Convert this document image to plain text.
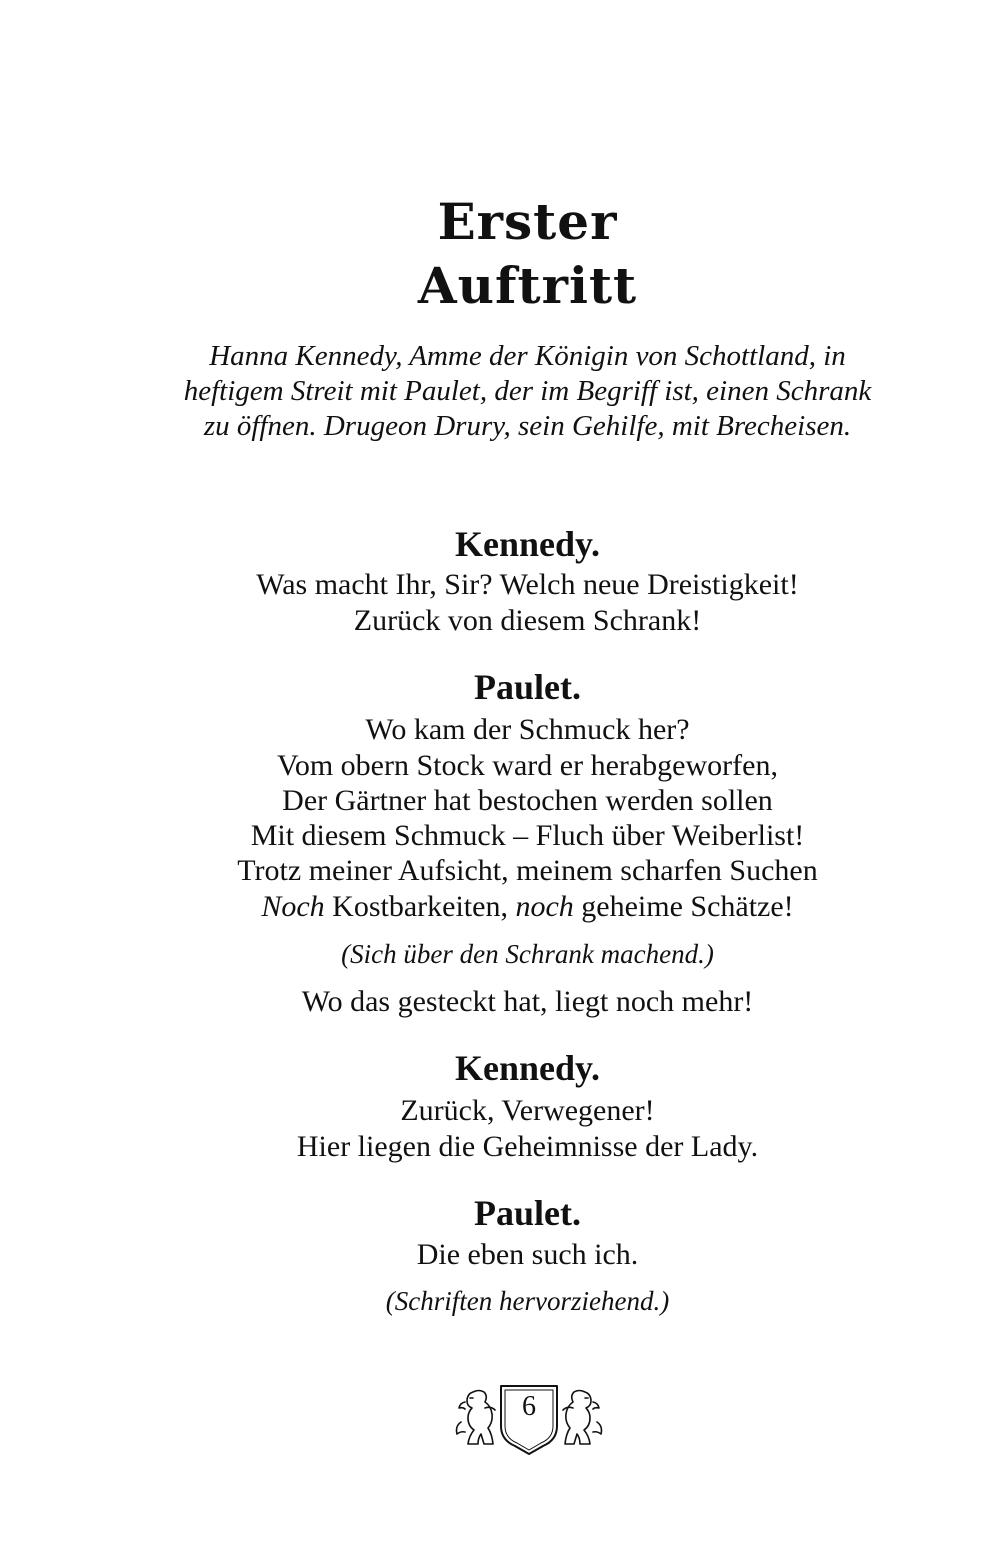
Erster
Auftritt

Hanna Kennedy, Amme der Königin von Schottland, in heftigem Streit mit Paulet, der im Begriff ist, einen Schrank zu öffnen. Drugeon Drury, sein Gehilfe, mit Brecheisen.

Kennedy.

Was macht Ihr, Sir? Welch neue Dreistigkeit!

Zurück von diesem Schrank!

Paulet.

Wo kam der Schmuck her?

Vom obern Stock ward er herabgeworfen,

Der Gärtner hat bestochen werden sollen

Mit diesem Schmuck – Fluch über Weiberlist!

Trotz meiner Aufsicht, meinem scharfen Suchen

Noch Kostbarkeiten, noch geheime Schätze!

(Sich über den Schrank machend.)

Wo das gesteckt hat, liegt noch mehr!

Kennedy.

Zurück, Verwegener!

Hier liegen die Geheimnisse der Lady.

Paulet.

Die eben such ich.

(Schriften hervorziehend.)

6
